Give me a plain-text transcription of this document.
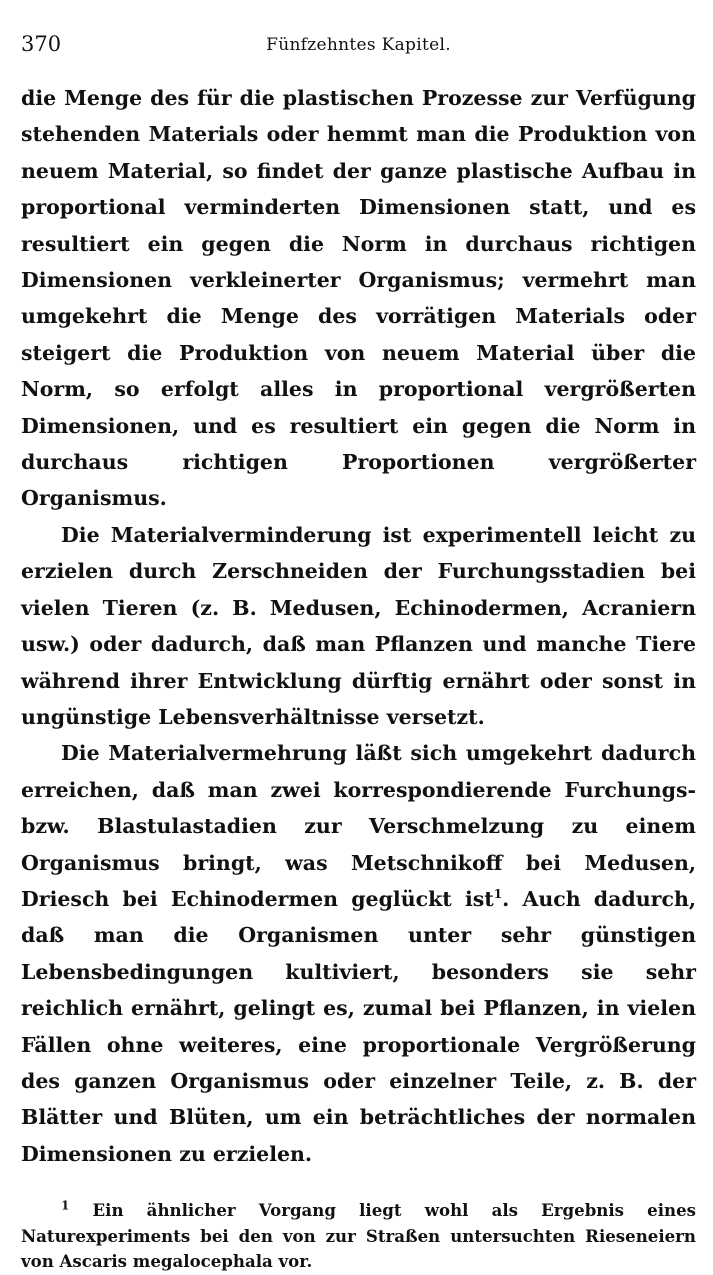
370	Fünfzehntes Kapitel.

die Menge des für die plastischen Prozesse zur Verfügung stehenden Materials oder hemmt man die Produktion von neuem Material, so findet der ganze plastische Aufbau in proportional verminderten Dimensionen statt, und es resultiert ein gegen die Norm in durchaus richtigen Dimensionen verkleinerter Organismus; vermehrt man umgekehrt die Menge des vorrätigen Materials oder steigert die Produktion von neuem Material über die Norm, so erfolgt alles in proportional vergrößerten Dimensionen, und es resultiert ein gegen die Norm in durchaus richtigen Proportionen vergrößerter Organismus.

Die Materialverminderung ist experimentell leicht zu erzielen durch Zerschneiden der Furchungsstadien bei vielen Tieren (z. B. Medusen, Echinodermen, Acraniern usw.) oder dadurch, daß man Pflanzen und manche Tiere während ihrer Entwicklung dürftig ernährt oder sonst in ungünstige Lebensverhältnisse versetzt.

Die Materialvermehrung läßt sich umgekehrt dadurch erreichen, daß man zwei korrespondierende Furchungs- bzw. Blastulastadien zur Verschmelzung zu einem Organismus bringt, was Metschnikoff bei Medusen, Driesch bei Echinodermen geglückt ist$^1$. Auch dadurch, daß man die Organismen unter sehr günstigen Lebensbedingungen kultiviert, besonders sie sehr reichlich ernährt, gelingt es, zumal bei Pflanzen, in vielen Fällen ohne weiteres, eine proportionale Vergrößerung des ganzen Organismus oder einzelner Teile, z. B. der Blätter und Blüten, um ein beträchtliches der normalen Dimensionen zu erzielen.

$^1$ Ein ähnlicher Vorgang liegt wohl als Ergebnis eines Naturexperiments bei den von zur Straßen untersuchten Rieseneiern von Ascaris megalocephala vor.
